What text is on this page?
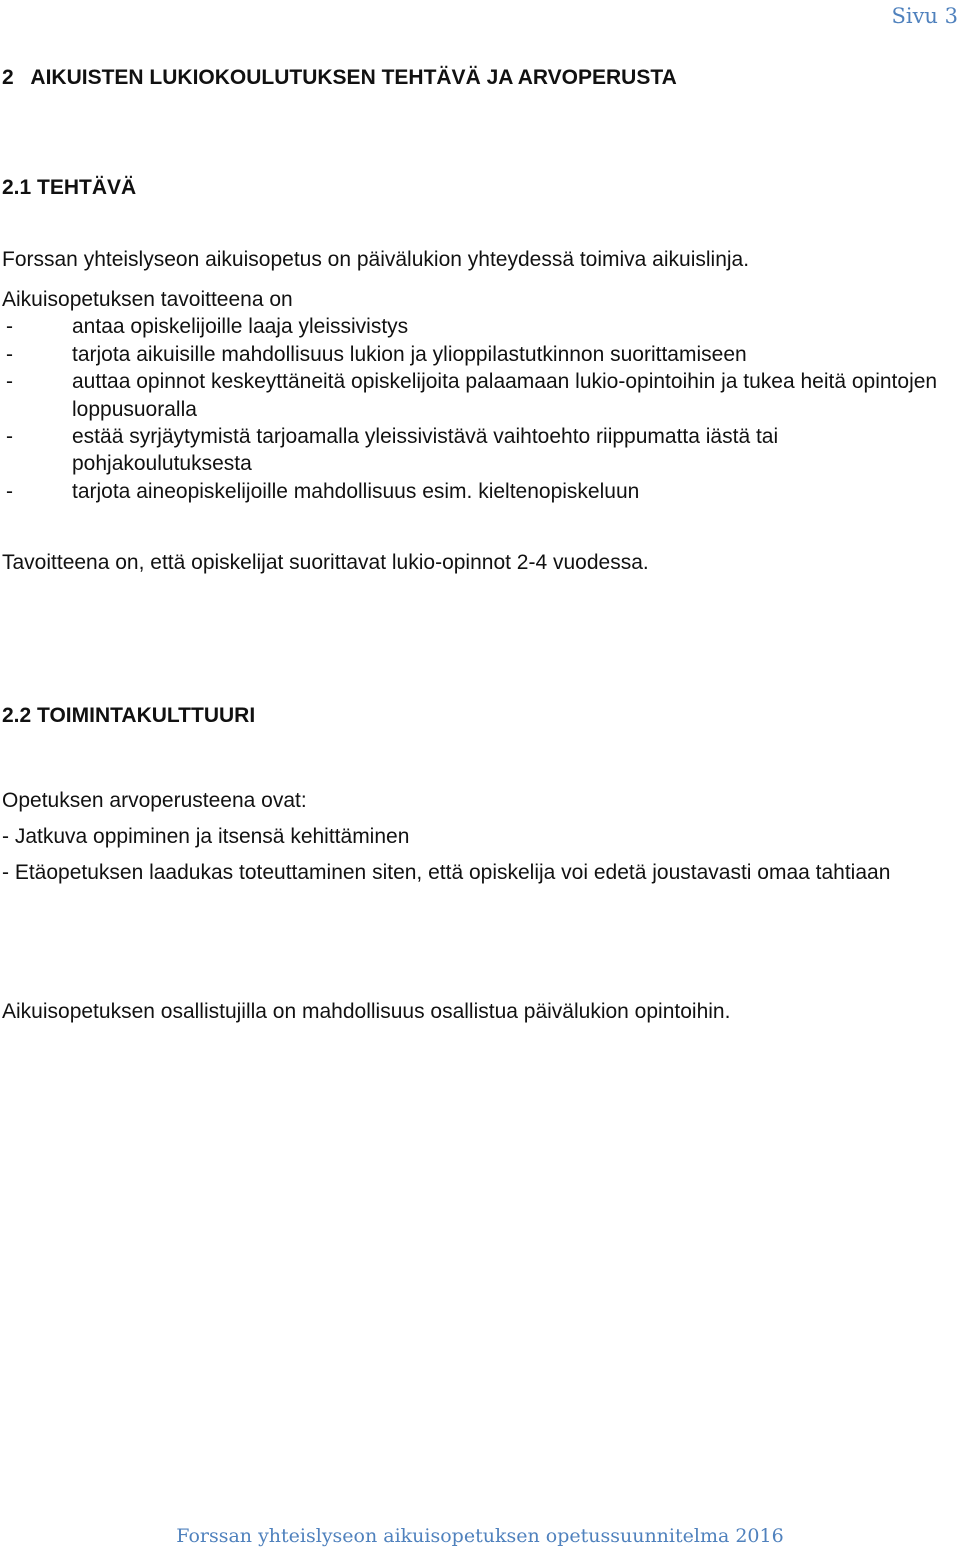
Sivu 3
2   AIKUISTEN LUKIOKOULUTUKSEN TEHTÄVÄ JA ARVOPERUSTA
2.1 TEHTÄVÄ

Forssan yhteislyseon aikuisopetus on päivälukion yhteydessä toimiva aikuislinja.

Aikuisopetuksen tavoitteena on
-	antaa opiskelijoille laaja yleissivistys
-	tarjota aikuisille mahdollisuus lukion ja ylioppilastutkinnon suorittamiseen
-	auttaa opinnot keskeyttäneitä opiskelijoita palaamaan lukio-opintoihin ja tukea heitä opintojen loppusuoralla
-	estää syrjäytymistä tarjoamalla yleissivistävä vaihtoehto riippumatta iästä tai pohjakoulutuksesta
-	tarjota aineopiskelijoille mahdollisuus esim. kieltenopiskeluun

Tavoitteena on, että opiskelijat suorittavat lukio-opinnot 2-4 vuodessa.

2.2 TOIMINTAKULTTUURI
Opetuksen arvoperusteena ovat:
- Jatkuva oppiminen ja itsensä kehittäminen
- Etäopetuksen laadukas toteuttaminen siten, että opiskelija voi edetä joustavasti omaa tahtiaan

Aikuisopetuksen osallistujilla on mahdollisuus osallistua päivälukion opintoihin.

Forssan yhteislyseon aikuisopetuksen opetussuunnitelma 2016
